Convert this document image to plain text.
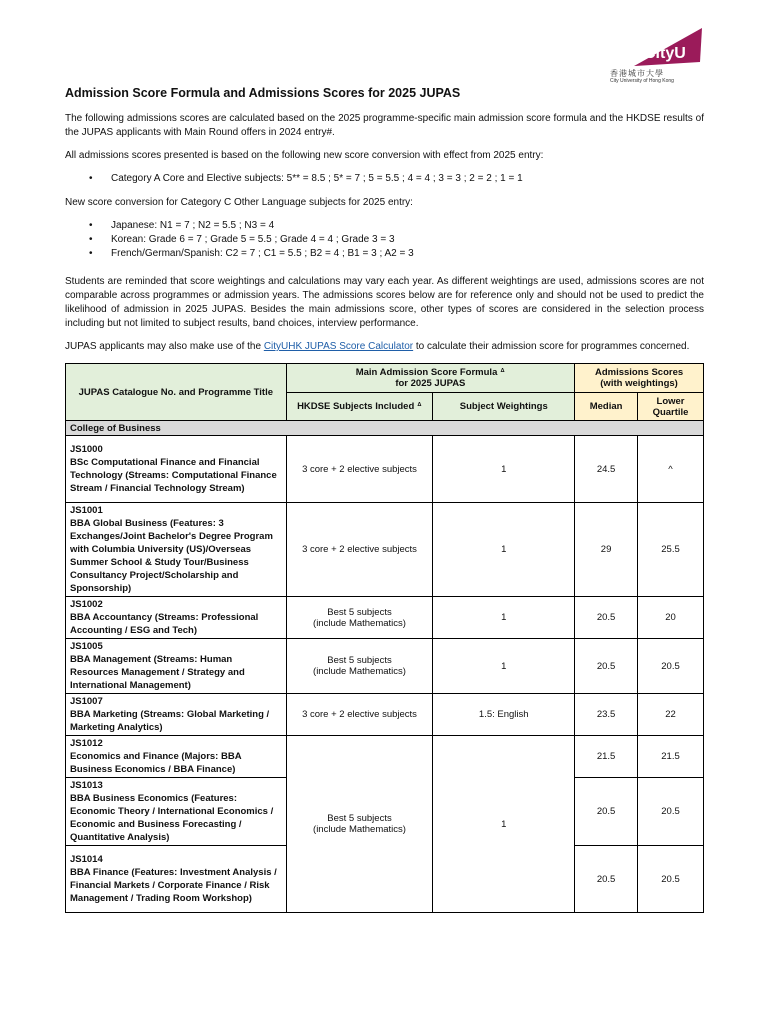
CityU
香港城市大學
City University of Hong Kong
Admission Score Formula and Admissions Scores for 2025 JUPAS

The following admissions scores are calculated based on the 2025 programme-specific main admission score formula and the HKDSE results of the JUPAS applicants with Main Round offers in 2024 entry#.

All admissions scores presented is based on the following new score conversion with effect from 2025 entry:

• Category A Core and Elective subjects: 5** = 8.5 ; 5* = 7 ; 5 = 5.5 ; 4 = 4 ; 3 = 3 ; 2 = 2 ; 1 = 1

New score conversion for Category C Other Language subjects for 2025 entry:

• Japanese: N1 = 7 ; N2 = 5.5 ; N3 = 4
• Korean: Grade 6 = 7 ; Grade 5 = 5.5 ; Grade 4 = 4 ; Grade 3 = 3
• French/German/Spanish: C2 = 7 ; C1 = 5.5 ; B2 = 4 ; B1 = 3 ; A2 = 3

Students are reminded that score weightings and calculations may vary each year. As different weightings are used, admissions scores are not comparable across programmes or admission years. The admissions scores below are for reference only and should not be used to predict the likelihood of admission in 2025 JUPAS. Besides the main admissions score, other types of scores are considered in the selection process including but not limited to subject results, band choices, interview performance.

JUPAS applicants may also make use of the CityUHK JUPAS Score Calculator to calculate their admission score for programmes concerned.

JUPAS Catalogue No. and Programme Title	Main Admission Score Formula ᐞ
for 2025 JUPAS		Admissions Scores
(with weightings)	
	HKDSE Subjects Included ᐞ	Subject Weightings	Median	Lower
Quartile
College of Business				
JS1000
BSc Computational Finance and Financial Technology (Streams: Computational Finance Stream / Financial Technology Stream)	3 core + 2 elective subjects	1	24.5	^
JS1001
BBA Global Business (Features: 3 Exchanges/Joint Bachelor's Degree Program with Columbia University (US)/Overseas Summer School & Study Tour/Business Consultancy Project/Scholarship and Sponsorship)	3 core + 2 elective subjects	1	29	25.5
JS1002
BBA Accountancy (Streams: Professional Accounting / ESG and Tech)	Best 5 subjects
(include Mathematics)	1	20.5	20
JS1005
BBA Management (Streams: Human Resources Management / Strategy and International Management)	Best 5 subjects
(include Mathematics)	1	20.5	20.5
JS1007
BBA Marketing (Streams: Global Marketing / Marketing Analytics)	3 core + 2 elective subjects	1.5: English	23.5	22
JS1012
Economics and Finance (Majors: BBA Business Economics / BBA Finance)	Best 5 subjects
(include Mathematics)	1	21.5	21.5
JS1013
BBA Business Economics (Features: Economic Theory / International Economics / Economic and Business Forecasting / Quantitative Analysis)			20.5	20.5
JS1014
BBA Finance (Features: Investment Analysis / Financial Markets / Corporate Finance / Risk Management / Trading Room Workshop)			20.5	20.5
